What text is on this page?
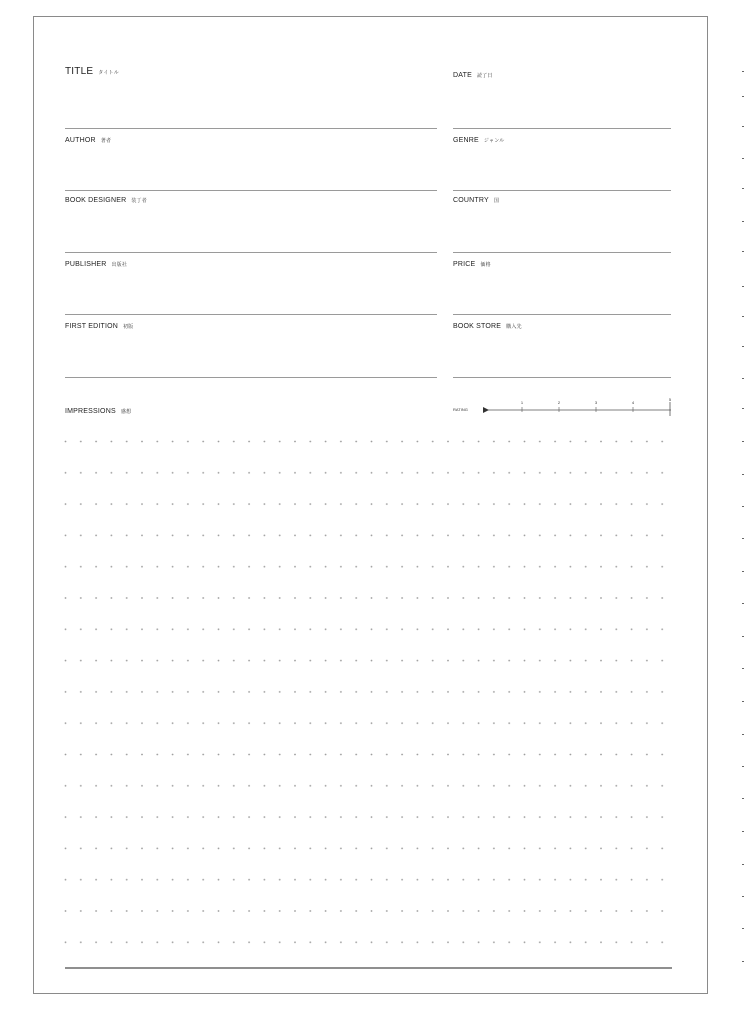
TITLE タイトル
AUTHOR 著者
BOOK DESIGNER 装丁者
PUBLISHER 出版社
FIRST EDITION 初版
IMPRESSIONS 感想
DATE 読了日
GENRE ジャンル
COUNTRY 国
PRICE 価格
BOOK STORE 購入先
RATING
1	2	3	4
5
